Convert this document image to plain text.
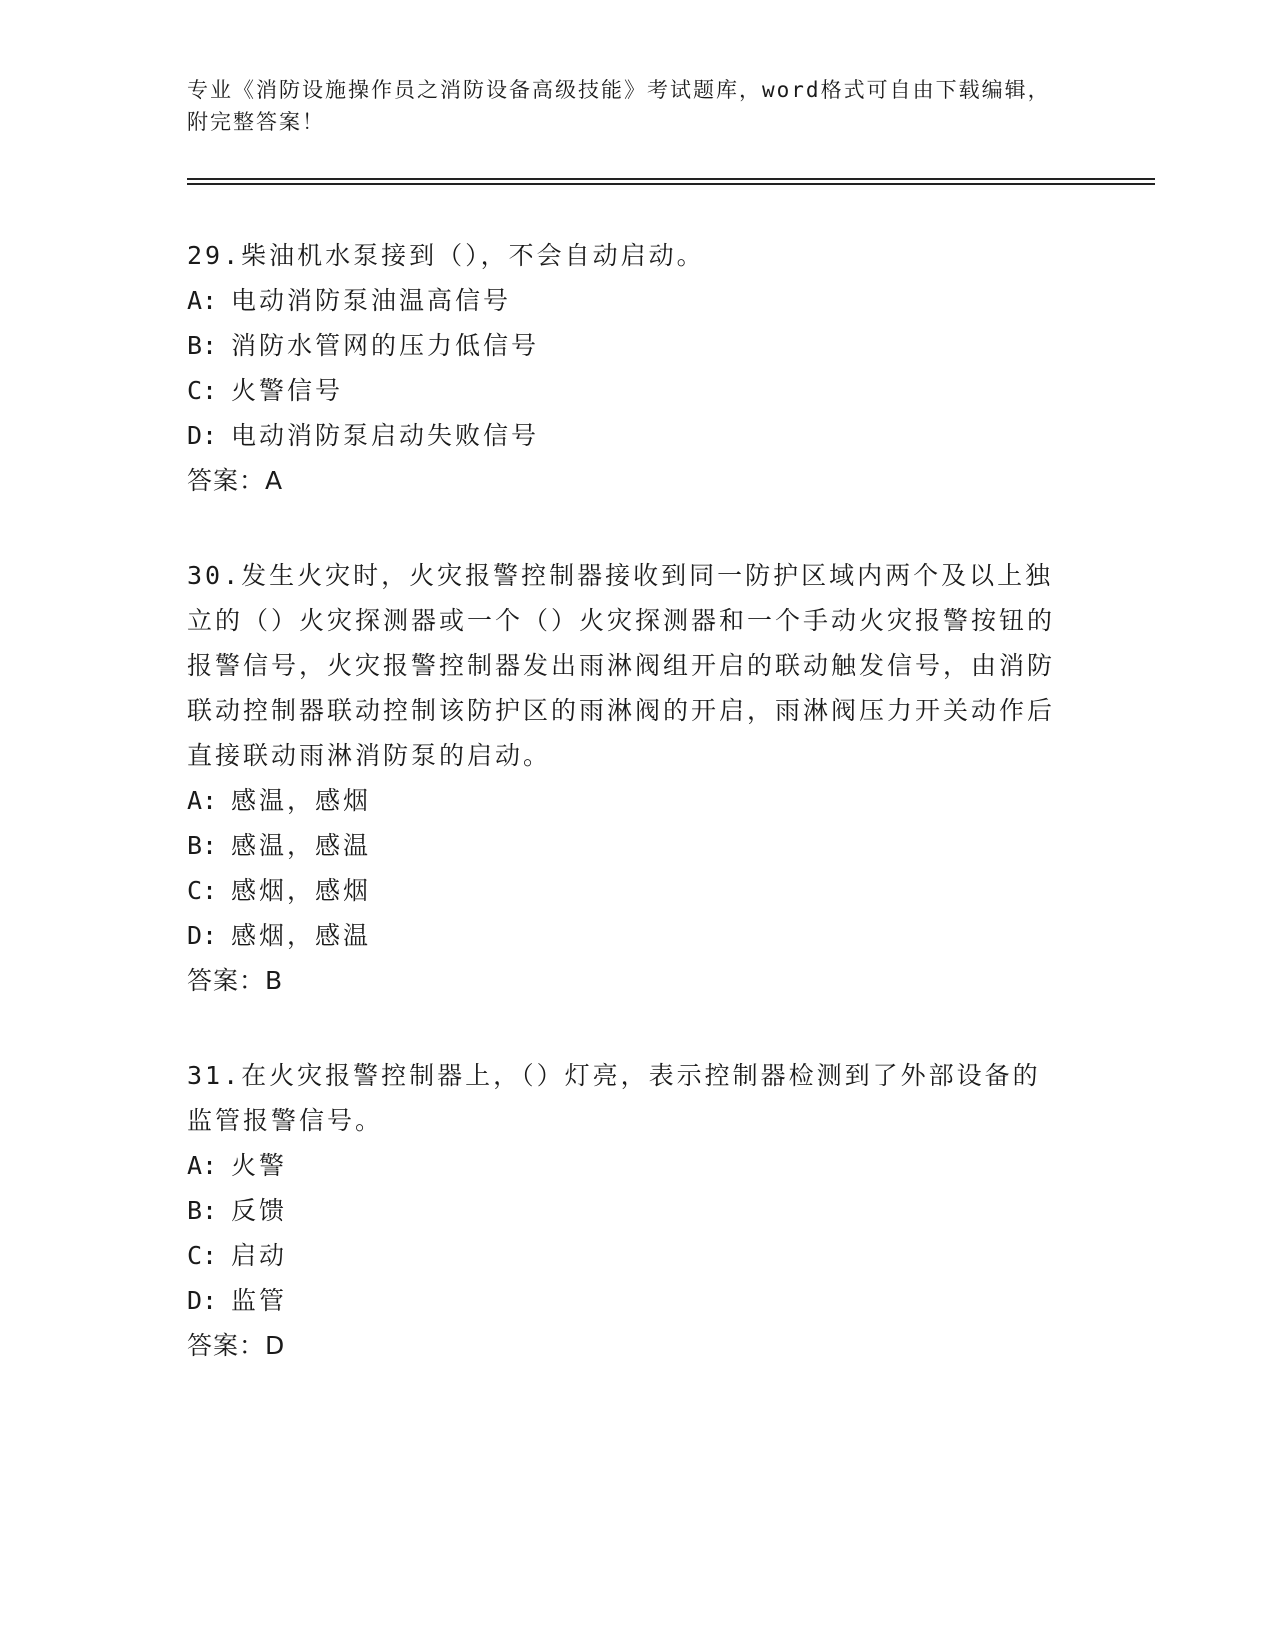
专业《消防设施操作员之消防设备高级技能》考试题库，word格式可自由下载编辑，附完整答案！

29.柴油机水泵接到（），不会自动启动。

A: 电动消防泵油温高信号

B: 消防水管网的压力低信号

C: 火警信号

D: 电动消防泵启动失败信号

答案：A

30.发生火灾时，火灾报警控制器接收到同一防护区域内两个及以上独立的（）火灾探测器或一个（）火灾探测器和一个手动火灾报警按钮的报警信号，火灾报警控制器发出雨淋阀组开启的联动触发信号，由消防联动控制器联动控制该防护区的雨淋阀的开启，雨淋阀压力开关动作后直接联动雨淋消防泵的启动。

A: 感温，感烟

B: 感温，感温

C: 感烟，感烟

D: 感烟，感温

答案：B

31.在火灾报警控制器上，（）灯亮，表示控制器检测到了外部设备的监管报警信号。

A: 火警

B: 反馈

C: 启动

D: 监管

答案：D
